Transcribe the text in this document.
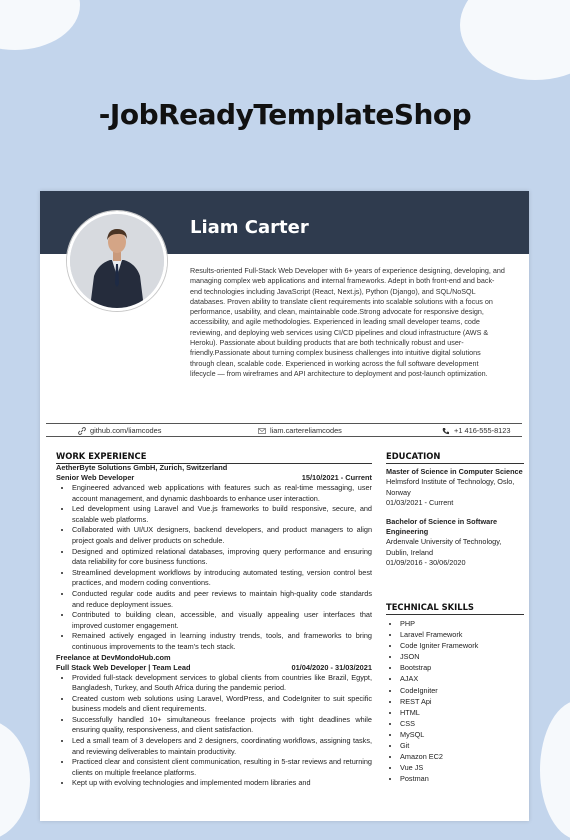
-JobReadyTemplateShop
Liam Carter
Results-oriented Full-Stack Web Developer with 6+ years of experience designing, developing, and managing complex web applications and internal frameworks. Adept in both front-end and back-end technologies including JavaScript (React, Next.js), Python (Django), and SQL/NoSQL databases. Proven ability to translate client requirements into scalable solutions with a focus on performance, usability, and clean, maintainable code.Strong advocate for responsive design, accessibility, and agile methodologies. Experienced in leading small developer teams, code reviewing, and deploying web services using CI/CD pipelines and cloud infrastructure (AWS & Heroku). Passionate about building products that are both technically robust and user-friendly.Passionate about turning complex business challenges into intuitive digital solutions through clean, scalable code. Experienced in working across the full software development lifecycle — from wireframes and API architecture to deployment and post-launch optimization.
github.com/liamcodes	liam.cartereliamcodes	+1 416-555-8123
WORK EXPERIENCE

AetherByte Solutions GmbH, Zurich, Switzerland

Senior Web Developer	15/10/2021 - Current
• Engineered advanced web applications with features such as real-time messaging, user account management, and dynamic dashboards to enhance user interaction.
• Led development using Laravel and Vue.js frameworks to build responsive, secure, and scalable web platforms.
• Collaborated with UI/UX designers, backend developers, and product managers to align project goals and deliver products on schedule.
• Designed and optimized relational databases, improving query performance and ensuring data reliability for core business functions.
• Streamlined development workflows by introducing automated testing, version control best practices, and modern coding conventions.
• Conducted regular code audits and peer reviews to maintain high-quality code standards and reduce deployment issues.
• Contributed to building clean, accessible, and visually appealing user interfaces that improved customer engagement.
• Remained actively engaged in learning industry trends, tools, and frameworks to bring continuous improvements to the team's tech stack.

Freelance at DevMondoHub.com

Full Stack Web Developer | Team Lead	01/04/2020 - 31/03/2021
• Provided full-stack development services to global clients from countries like Brazil, Egypt, Bangladesh, Turkey, and South Africa during the pandemic period.
• Created custom web solutions using Laravel, WordPress, and CodeIgniter to suit specific business models and client requirements.
• Successfully handled 10+ simultaneous freelance projects with tight deadlines while ensuring quality, responsiveness, and client satisfaction.
• Led a small team of 3 developers and 2 designers, coordinating workflows, assigning tasks, and reviewing deliverables to maintain productivity.
• Practiced clear and consistent client communication, resulting in 5-star reviews and returning clients on multiple freelance platforms.
• Kept up with evolving technologies and implemented modern libraries and
EDUCATION
Master of Science in Computer Science
Helmsford Institute of Technology, Oslo, Norway
01/03/2021 - Current
Bachelor of Science in Software Engineering
Ardenvale University of Technology, Dublin, Ireland
01/09/2016 - 30/06/2020
TECHNICAL SKILLS
• PHP
• Laravel Framework
• Code Igniter Framework
• JSON
• Bootstrap
• AJAX
• CodeIgniter
• REST Api
• HTML
• CSS
• MySQL
• Git
• Amazon EC2
• Vue JS
• Postman
